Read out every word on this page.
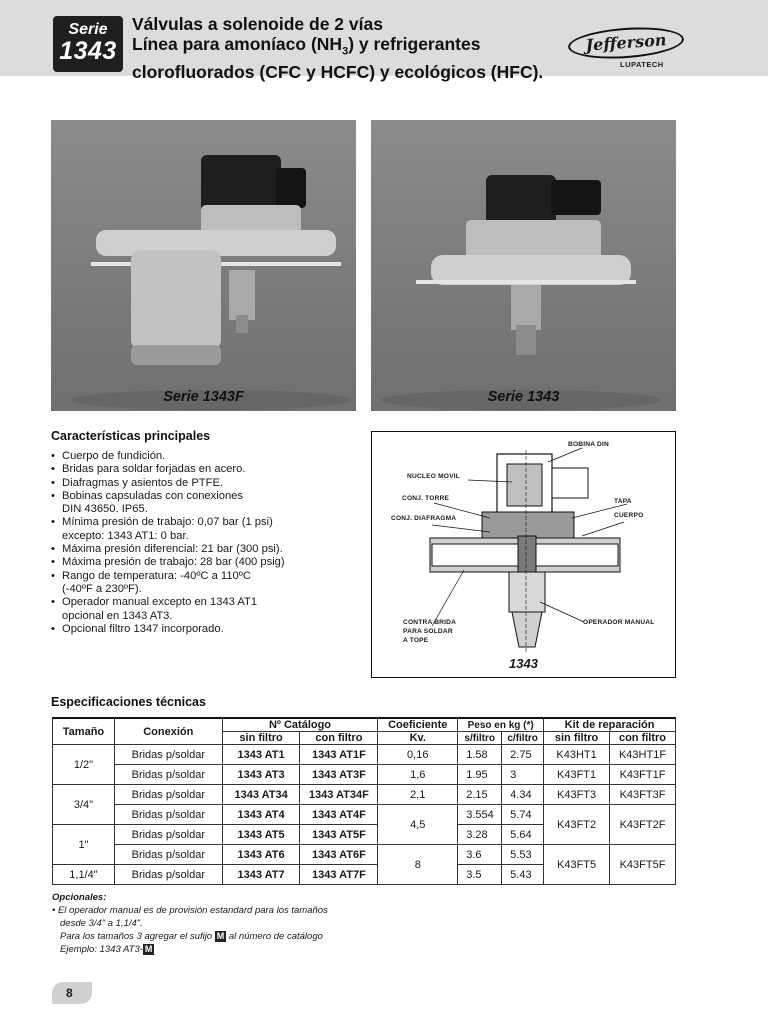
Serie
1343
Válvulas a solenoide de 2 vías
Línea para amoníaco $(NH_3)$ y refrigerantes
clorofluorados (CFC y HCFC) y ecológicos (HFC).
Jefferson
LUPATECH
Serie 1343F	Serie 1343
Características principales
• Cuerpo de fundición.
• Bridas para soldar forjadas en acero.
• Diafragmas y asientos de PTFE.
• Bobinas capsuladas con conexiones
DIN 43650. IP65.
• Mínima presión de trabajo: 0,07 bar (1 psi)
excepto: 1343 AT1: 0 bar.
• Máxima presión diferencial: 21 bar (300 psi).
• Máxima presión de trabajo: 28 bar (400 psig)
• Rango de temperatura: -40ºC a 110ºC
(-40ºF a 230ºF).
• Operador manual excepto en 1343 AT1
opcional en 1343 AT3.
• Opcional filtro 1347 incorporado.
BOBINA DIN
NUCLEO MOVIL
CONJ. TORRE
CONJ. DIAFRAGMA
TAPA
CUERPO
CONTRA BRIDA
PARA SOLDAR
A TOPE
OPERADOR MANUAL
1343
Especificaciones técnicas
Tamaño	Conexión	Nº Catálogo		Coeficiente	Peso en kg (*)		Kit de reparación	
		sin filtro	con filtro	Kv.	s/filtro	c/filtro	sin filtro	con filtro
1/2"	Bridas p/soldar	1343 AT1	1343 AT1F	0,16	1.58	2.75	K43HT1	K43HT1F
	Bridas p/soldar	1343 AT3	1343 AT3F	1,6	1.95	3	K43FT1	K43FT1F
3/4"	Bridas p/soldar	1343 AT34	1343 AT34F	2,1	2.15	4.34	K43FT3	K43FT3F
	Bridas p/soldar	1343 AT4	1343 AT4F	4,5	3.554	5.74	K43FT2	K43FT2F
1"	Bridas p/soldar	1343 AT5	1343 AT5F		3.28	5.64		
	Bridas p/soldar	1343 AT6	1343 AT6F	8	3.6	5.53	K43FT5	K43FT5F
1,1/4"	Bridas p/soldar	1343 AT7	1343 AT7F		3.5	5.43		
Opcionales:
• El operador manual es de provisión estandard para los tamaños
desde 3/4" a 1,1/4".
Para los tamaños 3 agregar el sufijo M al número de catálogo
Ejemplo: 1343 AT3- M
8
